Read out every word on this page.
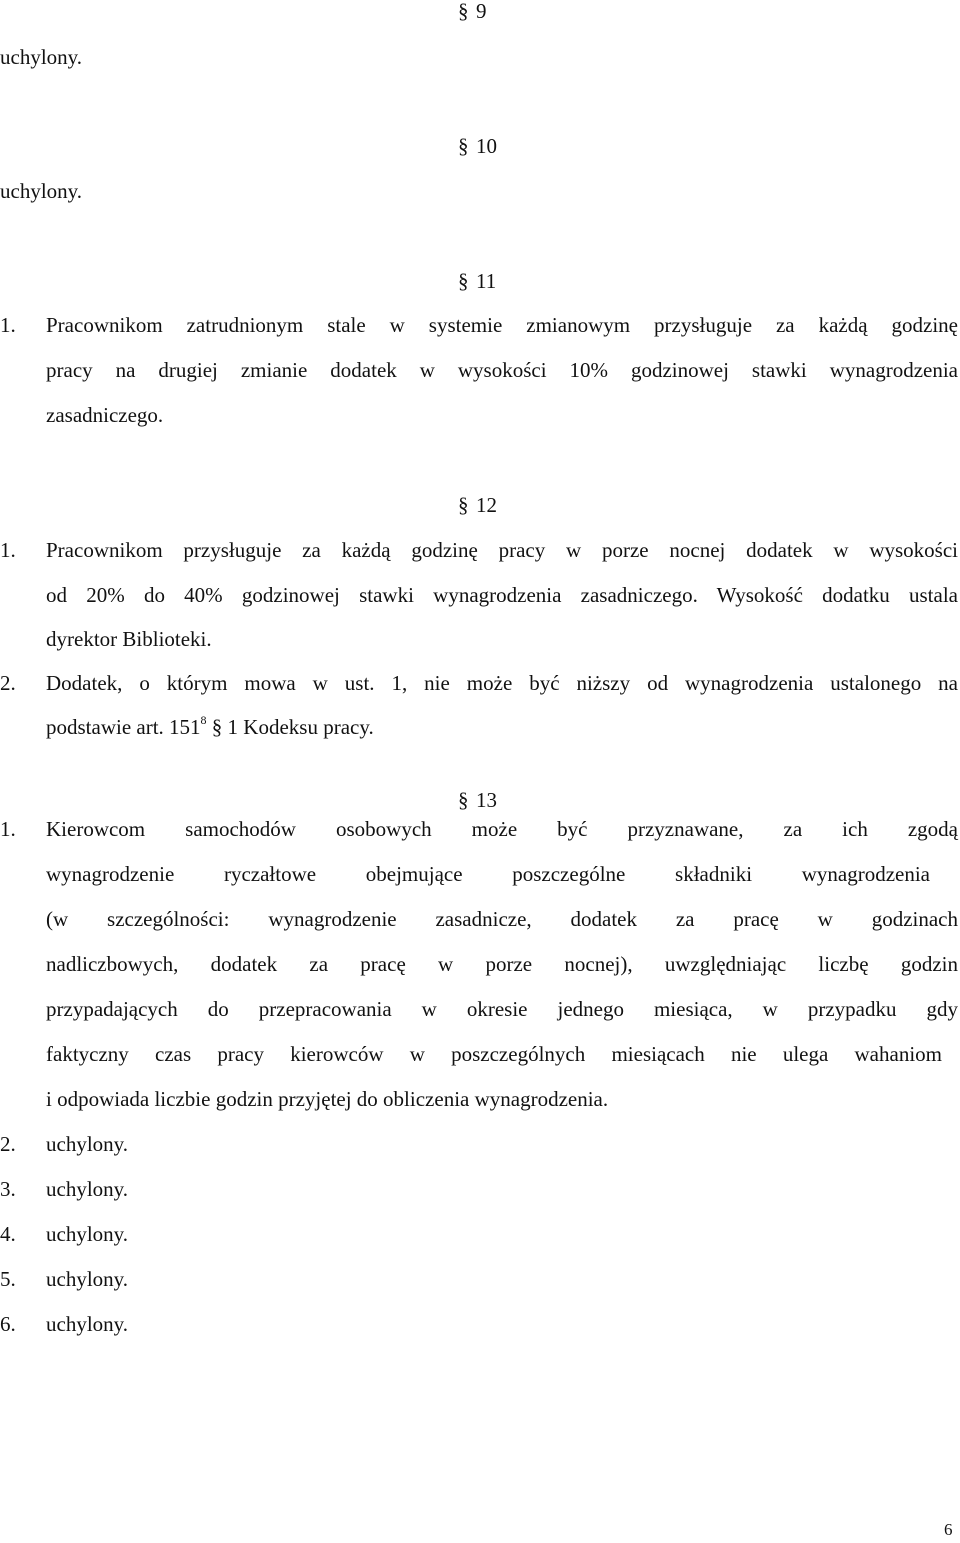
§ 9
uchylony.
§ 10
uchylony.
§ 11
1. Pracownikom zatrudnionym stale w systemie zmianowym przysługuje za każdą godzinę
pracy na drugiej zmianie dodatek w wysokości 10% godzinowej stawki wynagrodzenia
zasadniczego.
§ 12
1. Pracownikom przysługuje za każdą godzinę pracy w porze nocnej dodatek w wysokości
od 20% do 40% godzinowej stawki wynagrodzenia zasadniczego. Wysokość dodatku ustala
dyrektor Biblioteki.
2. Dodatek, o którym mowa w ust. 1, nie może być niższy od wynagrodzenia ustalonego na
podstawie art. $151^8$ § 1 Kodeksu pracy.
§ 13
1. Kierowcom samochodów osobowych może być przyznawane, za ich zgodą
wynagrodzenie ryczałtowe obejmujące poszczególne składniki wynagrodzenia
(w szczególności: wynagrodzenie zasadnicze, dodatek za pracę w godzinach
nadliczbowych, dodatek za pracę w porze nocnej), uwzględniając liczbę godzin
przypadających do przepracowania w okresie jednego miesiąca, w przypadku gdy
faktyczny czas pracy kierowców w poszczególnych miesiącach nie ulega wahaniom
i odpowiada liczbie godzin przyjętej do obliczenia wynagrodzenia.
2. uchylony.
3. uchylony.
4. uchylony.
5. uchylony.
6. uchylony.
6
